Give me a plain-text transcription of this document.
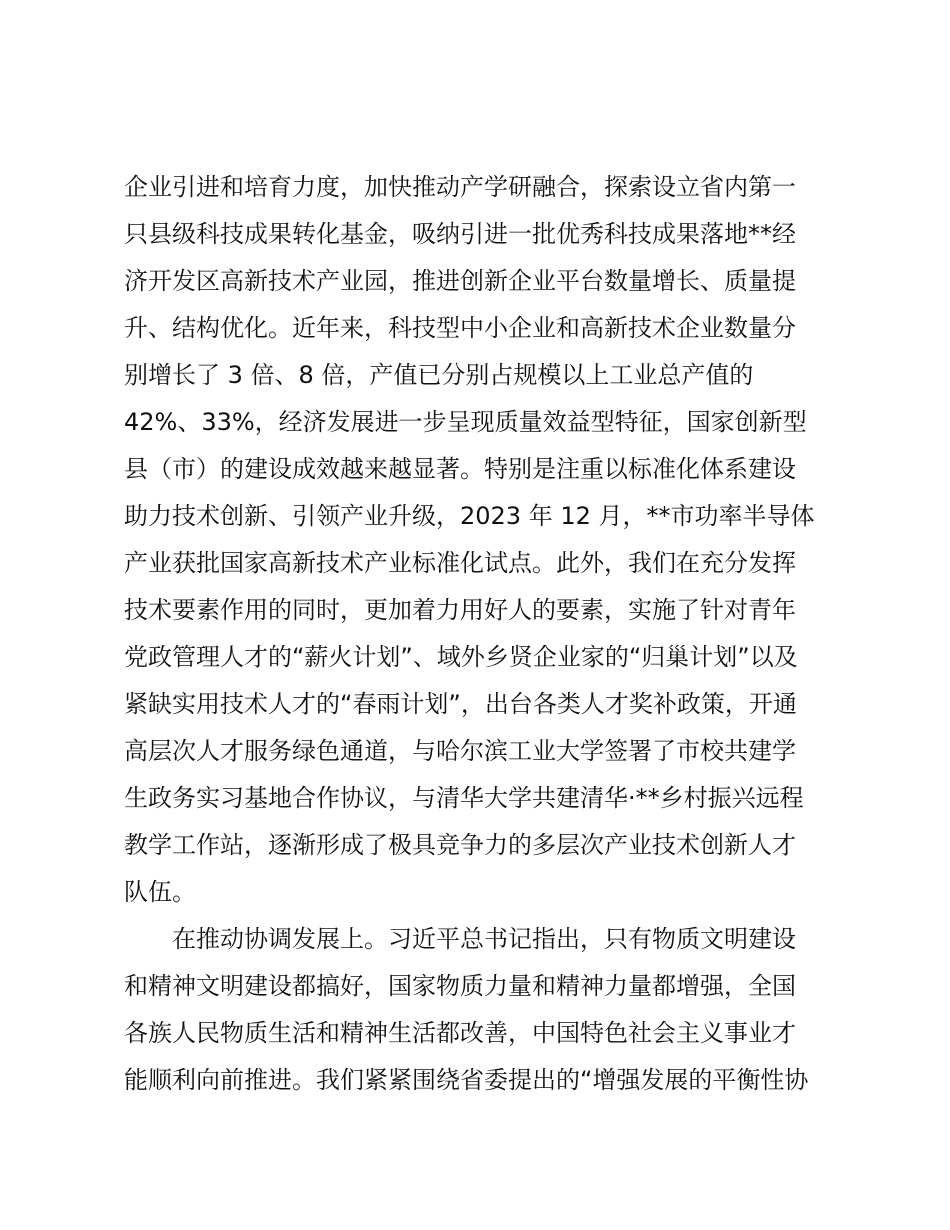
企业引进和培育力度，加快推动产学研融合，探索设立省内第一
只县级科技成果转化基金，吸纳引进一批优秀科技成果落地**经
济开发区高新技术产业园，推进创新企业平台数量增长、质量提
升、结构优化。近年来，科技型中小企业和高新技术企业数量分
别增长了 3 倍、8 倍，产值已分别占规模以上工业总产值的
42%、33%，经济发展进一步呈现质量效益型特征，国家创新型
县（市）的建设成效越来越显著。特别是注重以标准化体系建设
助力技术创新、引领产业升级，2023 年 12 月，**市功率半导体
产业获批国家高新技术产业标准化试点。此外，我们在充分发挥
技术要素作用的同时，更加着力用好人的要素，实施了针对青年
党政管理人才的“薪火计划”、域外乡贤企业家的“归巢计划”以及
紧缺实用技术人才的“春雨计划”，出台各类人才奖补政策，开通
高层次人才服务绿色通道，与哈尔滨工业大学签署了市校共建学
生政务实习基地合作协议，与清华大学共建清华·**乡村振兴远程
教学工作站，逐渐形成了极具竞争力的多层次产业技术创新人才
队伍。
在推动协调发展上。习近平总书记指出，只有物质文明建设
和精神文明建设都搞好，国家物质力量和精神力量都增强，全国
各族人民物质生活和精神生活都改善，中国特色社会主义事业才
能顺利向前推进。我们紧紧围绕省委提出的“增强发展的平衡性协
